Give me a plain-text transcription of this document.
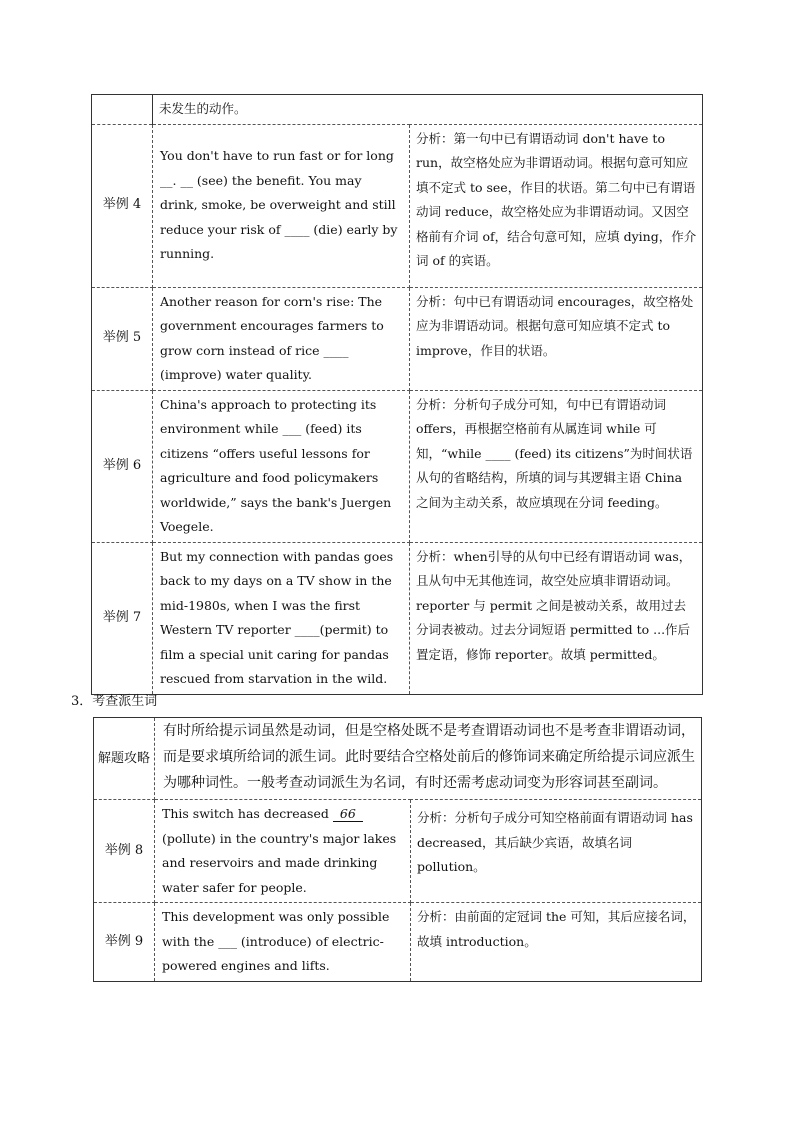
	未发生的动作。	
举例 4	You don't have to run fast or for long __. __ (see) the benefit. You may drink, smoke, be overweight and still reduce your risk of ____ (die) early by running.	分析：第一句中已有谓语动词 don't have to run，故空格处应为非谓语动词。根据句意可知应填不定式 to see，作目的状语。第二句中已有谓语动词 reduce，故空格处应为非谓语动词。又因空格前有介词 of，结合句意可知，应填 dying，作介词 of 的宾语。
举例 5	Another reason for corn's rise: The government encourages farmers to grow corn instead of rice ____ (improve) water quality.	分析：句中已有谓语动词 encourages，故空格处应为非谓语动词。根据句意可知应填不定式 to improve，作目的状语。
举例 6	China's approach to protecting its environment while ___ (feed) its citizens “offers useful lessons for agriculture and food policymakers worldwide,” says the bank's Juergen Voegele.	分析：分析句子成分可知，句中已有谓语动词 offers，再根据空格前有从属连词 while 可知，“while ____ (feed) its citizens”为时间状语从句的省略结构，所填的词与其逻辑主语 China 之间为主动关系，故应填现在分词 feeding。
举例 7	But my connection with pandas goes back to my days on a TV show in the mid-1980s, when I was the first Western TV reporter ____(permit) to film a special unit caring for pandas rescued from starvation in the wild.	分析：when引导的从句中已经有谓语动词 was，且从句中无其他连词，故空处应填非谓语动词。reporter 与 permit 之间是被动关系，故用过去分词表被动。过去分词短语 permitted to ...作后置定语，修饰 reporter。故填 permitted。
3．考查派生词
解题攻略	有时所给提示词虽然是动词，但是空格处既不是考查谓语动词也不是考查非谓语动词，而是要求填所给词的派生词。此时要结合空格处前后的修饰词来确定所给提示词应派生为哪种词性。一般考查动词派生为名词，有时还需考虑动词变为形容词甚至副词。	
举例 8	This switch has decreased 66 (pollute) in the country's major lakes and reservoirs and made drinking water safer for people.	分析：分析句子成分可知空格前面有谓语动词 has decreased，其后缺少宾语，故填名词 pollution。
举例 9	This development was only possible with the ___ (introduce) of electric-powered engines and lifts.	分析：由前面的定冠词 the 可知，其后应接名词，故填 introduction。
